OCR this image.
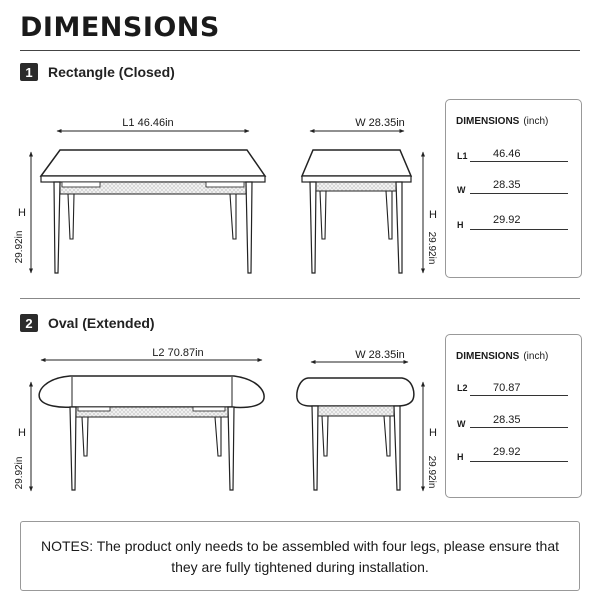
DIMENSIONS
1	Rectangle (Closed)
2	Oval (Extended)
L1 46.46in
H
29.92in
W 28.35in
H
29.92in
L2 70.87in
H
29.92in
W 28.35in
H
29.92in
DIMENSIONS (inch)
L1 46.46
W	28.35
H	29.92
DIMENSIONS (inch)
L2 70.87
W	28.35
H	29.92
NOTES: The product only needs to be assembled with four legs, please ensure that they are fully tightened during installation.
